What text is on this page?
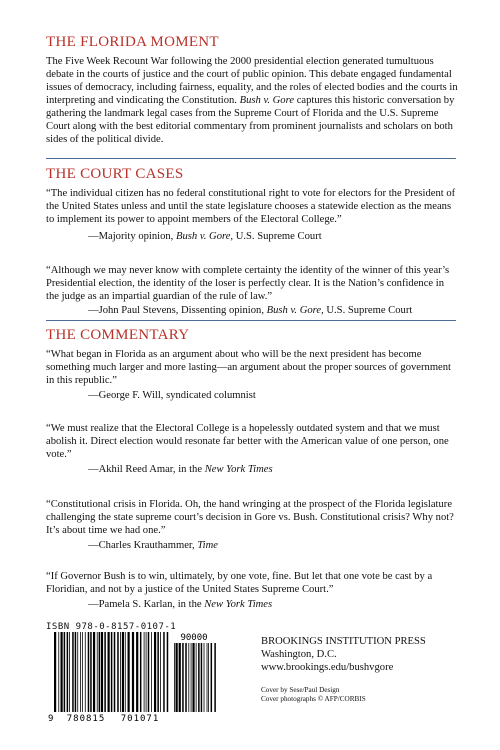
THE FLORIDA MOMENT

The Five Week Recount War following the 2000 presidential election generated tumultuous debate in the courts of justice and the court of public opinion. This debate engaged fundamental issues of democracy, including fairness, equality, and the roles of elected bodies and the courts in interpreting and vindicating the Constitution. Bush v. Gore captures this historic conversation by gathering the landmark legal cases from the Supreme Court of Florida and the U.S. Supreme Court along with the best editorial commentary from prominent journalists and scholars on both sides of the political divide.

THE COURT CASES

“The individual citizen has no federal constitutional right to vote for electors for the President of the United States unless and until the state legislature chooses a statewide election as the means to implement its power to appoint members of the Electoral College.”

—Majority opinion, Bush v. Gore, U.S. Supreme Court

“Although we may never know with complete certainty the identity of the winner of this year’s Presidential election, the identity of the loser is perfectly clear. It is the Nation’s confidence in the judge as an impartial guardian of the rule of law.”

—John Paul Stevens, Dissenting opinion, Bush v. Gore, U.S. Supreme Court

THE COMMENTARY

“What began in Florida as an argument about who will be the next president has become something much larger and more lasting—an argument about the proper sources of government in this republic.”

—George F. Will, syndicated columnist

“We must realize that the Electoral College is a hopelessly outdated system and that we must abolish it. Direct election would resonate far better with the American value of one person, one vote.”

—Akhil Reed Amar, in the New York Times

“Constitutional crisis in Florida. Oh, the hand wringing at the prospect of the Florida legislature challenging the state supreme court’s decision in Gore vs. Bush. Constitutional crisis? Why not? It’s about time we had one.”

—Charles Krauthammer, Time

“If Governor Bush is to win, ultimately, by one vote, fine. But let that one vote be cast by a Floridian, and not by a justice of the United States Supreme Court.”

—Pamela S. Karlan, in the New York Times

ISBN 978-0-8157-0107-1
90000
9 780815 701071
BROOKINGS INSTITUTION PRESS
Washington, D.C.
www.brookings.edu/bushvgore
Cover by Sese/Paul Design
Cover photographs © AFP/CORBIS
